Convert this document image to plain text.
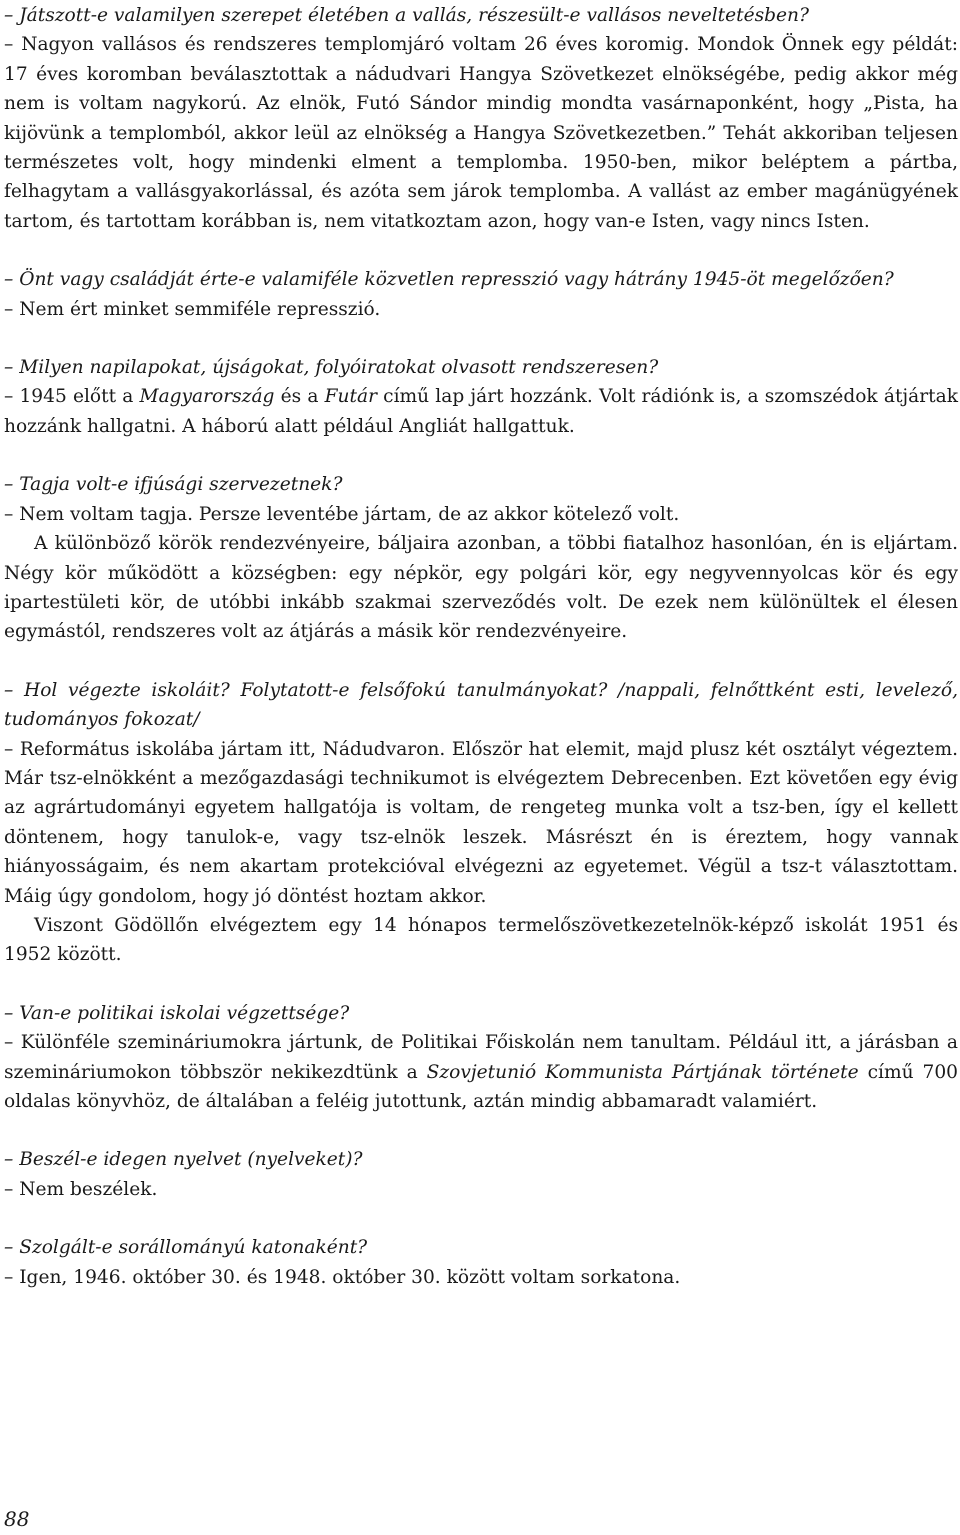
– Játszott-e valamilyen szerepet életében a vallás, részesült-e vallásos neveltetésben?

– Nagyon vallásos és rendszeres templomjáró voltam 26 éves koromig. Mondok Önnek egy példát: 17 éves koromban beválasztottak a nádudvari Hangya Szövetkezet elnökségébe, pedig akkor még nem is voltam nagykorú. Az elnök, Futó Sándor mindig mondta vasárnaponként, hogy „Pista, ha kijövünk a templomból, akkor leül az elnökség a Hangya Szövetkezetben.” Tehát akkoriban teljesen természetes volt, hogy mindenki elment a templomba. 1950-ben, mikor beléptem a pártba, felhagytam a vallásgyakorlással, és azóta sem járok templomba. A vallást az ember magánügyének tartom, és tartottam korábban is, nem vitatkoztam azon, hogy van-e Isten, vagy nincs Isten.

– Önt vagy családját érte-e valamiféle közvetlen represszió vagy hátrány 1945-öt megelőzően?

– Nem ért minket semmiféle represszió.

– Milyen napilapokat, újságokat, folyóiratokat olvasott rendszeresen?

– 1945 előtt a Magyarország és a Futár című lap járt hozzánk. Volt rádiónk is, a szomszédok átjártak hozzánk hallgatni. A háború alatt például Angliát hallgattuk.

– Tagja volt-e ifjúsági szervezetnek?

– Nem voltam tagja. Persze leventébe jártam, de az akkor kötelező volt.

A különböző körök rendezvényeire, báljaira azonban, a többi fiatalhoz hasonlóan, én is eljártam. Négy kör működött a községben: egy népkör, egy polgári kör, egy negyvennyolcas kör és egy ipartestületi kör, de utóbbi inkább szakmai szerveződés volt. De ezek nem különültek el élesen egymástól, rendszeres volt az átjárás a másik kör rendezvényeire.

– Hol végezte iskoláit? Folytatott-e felsőfokú tanulmányokat? /nappali, felnőttként esti, levelező, tudományos fokozat/

– Református iskolába jártam itt, Nádudvaron. Először hat elemit, majd plusz két osztályt végeztem. Már tsz-elnökként a mezőgazdasági technikumot is elvégeztem Debrecenben. Ezt követően egy évig az agrártudományi egyetem hallgatója is voltam, de rengeteg munka volt a tsz-ben, így el kellett döntenem, hogy tanulok-e, vagy tsz-elnök leszek. Másrészt én is éreztem, hogy vannak hiányosságaim, és nem akartam protekcióval elvégezni az egyetemet. Végül a tsz-t választottam. Máig úgy gondolom, hogy jó döntést hoztam akkor.

Viszont Gödöllőn elvégeztem egy 14 hónapos termelőszövetkezetelnök-képző iskolát 1951 és 1952 között.

– Van-e politikai iskolai végzettsége?

– Különféle szemináriumokra jártunk, de Politikai Főiskolán nem tanultam. Például itt, a járásban a szemináriumokon többször nekikezdtünk a Szovjetunió Kommunista Pártjának története című 700 oldalas könyvhöz, de általában a feléig jutottunk, aztán mindig abbamaradt valamiért.

– Beszél-e idegen nyelvet (nyelveket)?

– Nem beszélek.

– Szolgált-e sorállományú katonaként?

– Igen, 1946. október 30. és 1948. október 30. között voltam sorkatona.

88
